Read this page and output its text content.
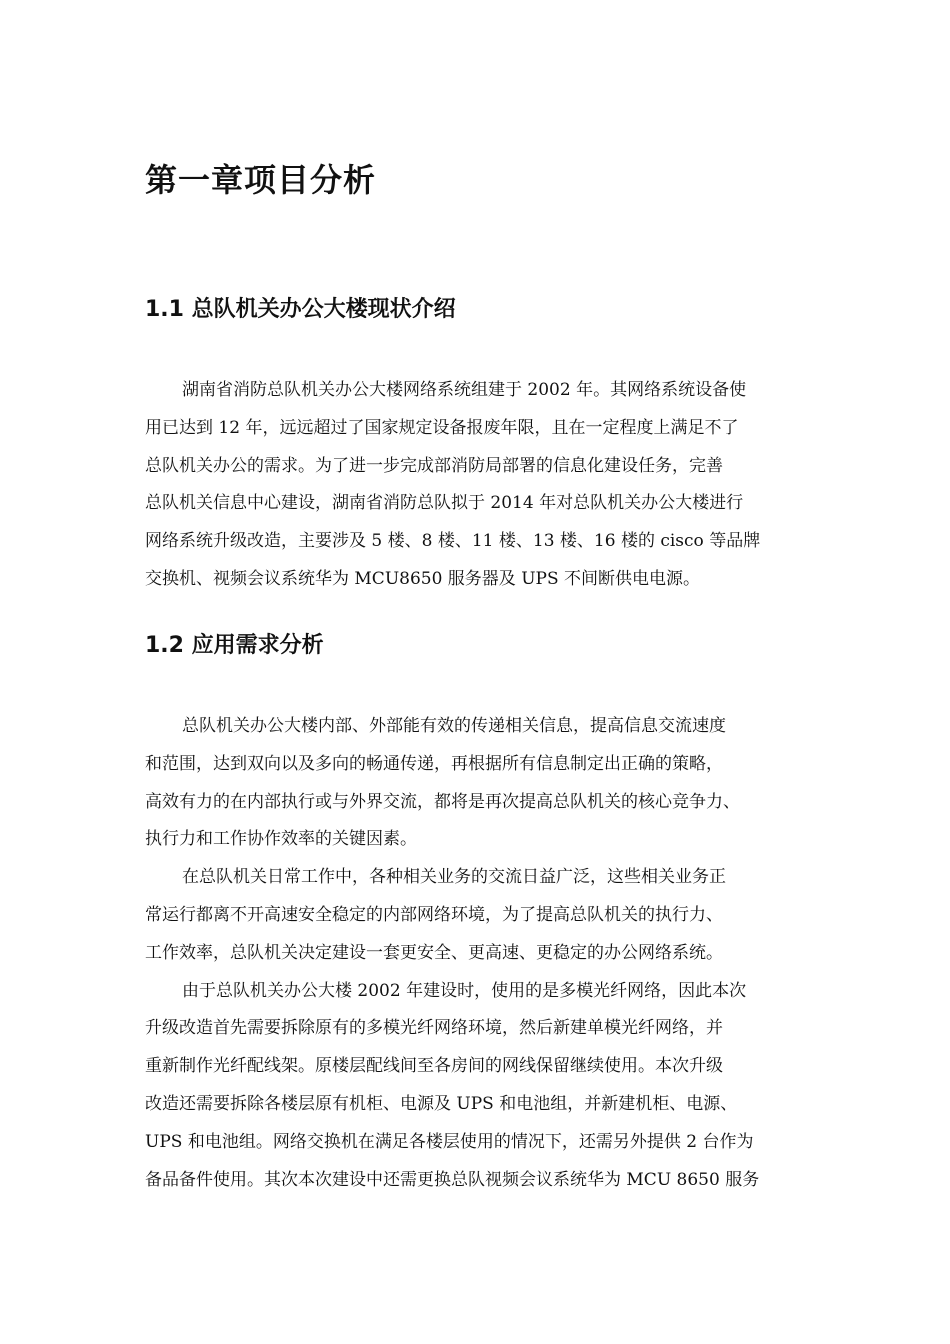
第一章项目分析
1.1 总队机关办公大楼现状介绍
湖南省消防总队机关办公大楼网络系统组建于 2002 年。其网络系统设备使
用已达到 12 年，远远超过了国家规定设备报废年限，且在一定程度上满足不了
总队机关办公的需求。为了进一步完成部消防局部署的信息化建设任务，完善
总队机关信息中心建设，湖南省消防总队拟于 2014 年对总队机关办公大楼进行
网络系统升级改造，主要涉及 5 楼、8 楼、11 楼、13 楼、16 楼的 cisco 等品牌
交换机、视频会议系统华为 MCU8650 服务器及 UPS 不间断供电电源。
1.2 应用需求分析
总队机关办公大楼内部、外部能有效的传递相关信息，提高信息交流速度
和范围，达到双向以及多向的畅通传递，再根据所有信息制定出正确的策略，
高效有力的在内部执行或与外界交流，都将是再次提高总队机关的核心竞争力、
执行力和工作协作效率的关键因素。
在总队机关日常工作中，各种相关业务的交流日益广泛，这些相关业务正
常运行都离不开高速安全稳定的内部网络环境，为了提高总队机关的执行力、
工作效率，总队机关决定建设一套更安全、更高速、更稳定的办公网络系统。
由于总队机关办公大楼 2002 年建设时，使用的是多模光纤网络，因此本次
升级改造首先需要拆除原有的多模光纤网络环境，然后新建单模光纤网络，并
重新制作光纤配线架。原楼层配线间至各房间的网线保留继续使用。本次升级
改造还需要拆除各楼层原有机柜、电源及 UPS 和电池组，并新建机柜、电源、
UPS 和电池组。网络交换机在满足各楼层使用的情况下，还需另外提供 2 台作为
备品备件使用。其次本次建设中还需更换总队视频会议系统华为 MCU 8650 服务
